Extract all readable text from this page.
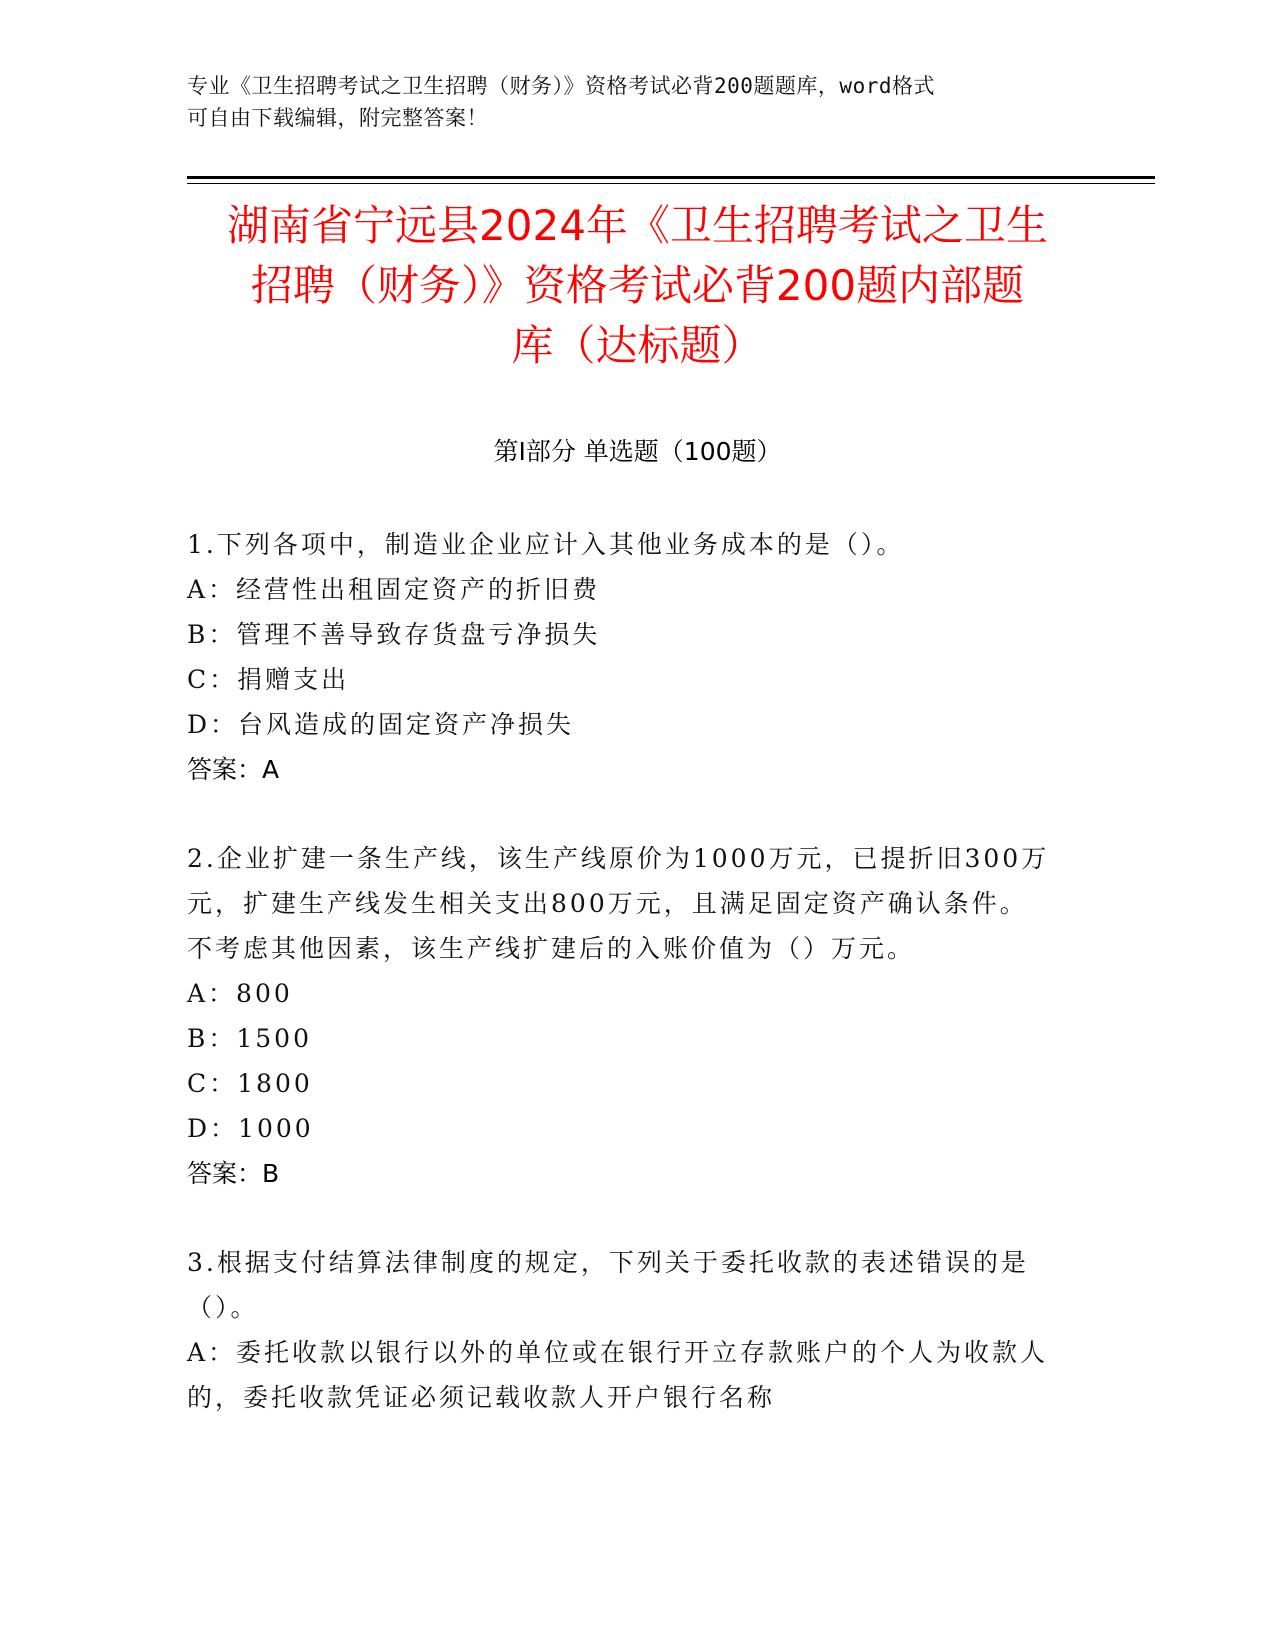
专业《卫生招聘考试之卫生招聘（财务）》资格考试必背200题题库，word格式
可自由下载编辑，附完整答案！
湖南省宁远县2024年《卫生招聘考试之卫生
招聘（财务）》资格考试必背200题内部题
库（达标题）
第I部分 单选题（100题）
1.下列各项中，制造业企业应计入其他业务成本的是（）。
A：经营性出租固定资产的折旧费
B：管理不善导致存货盘亏净损失
C：捐赠支出
D：台风造成的固定资产净损失
答案：A
2.企业扩建一条生产线，该生产线原价为1000万元，已提折旧300万
元，扩建生产线发生相关支出800万元，且满足固定资产确认条件。
不考虑其他因素，该生产线扩建后的入账价值为（）万元。
A：800
B：1500
C：1800
D：1000
答案：B
3.根据支付结算法律制度的规定，下列关于委托收款的表述错误的是
（）。
A：委托收款以银行以外的单位或在银行开立存款账户的个人为收款人
的，委托收款凭证必须记载收款人开户银行名称
